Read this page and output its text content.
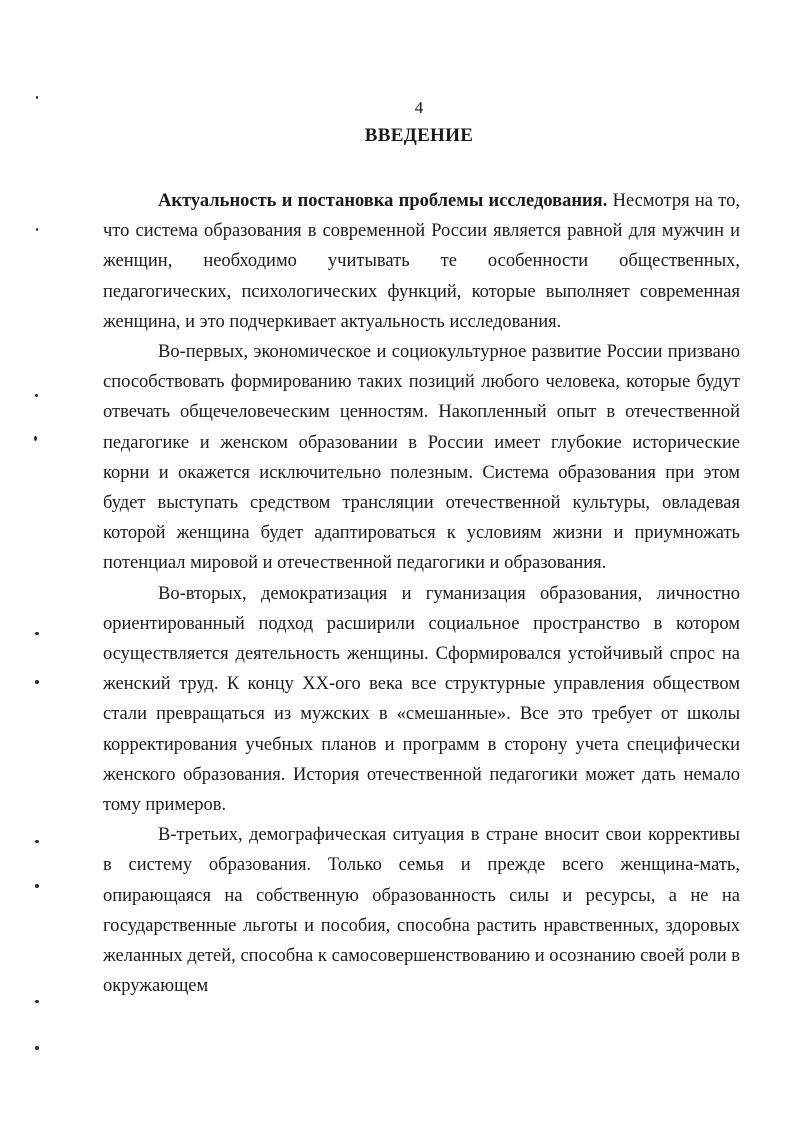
4
ВВЕДЕНИЕ

Актуальность и постановка проблемы исследования. Несмотря на то, что система образования в современной России является равной для мужчин и женщин, необходимо учитывать те особенности общественных, педагогических, психологических функций, которые выполняет современная женщина, и это подчеркивает актуальность исследования.

Во-первых, экономическое и социокультурное развитие России призвано способствовать формированию таких позиций любого человека, которые будут отвечать общечеловеческим ценностям. Накопленный опыт в отечественной педагогике и женском образовании в России имеет глубокие исторические корни и окажется исключительно полезным. Система образования при этом будет выступать средством трансляции отечественной культуры, овладевая которой женщина будет адаптироваться к условиям жизни и приумножать потенциал мировой и отечественной педагогики и образования.

Во-вторых, демократизация и гуманизация образования, личностно ориентированный подход расширили социальное пространство в котором осуществляется деятельность женщины. Сформировался устойчивый спрос на женский труд. К концу ХХ-ого века все структурные управления обществом стали превращаться из мужских в «смешанные». Все это требует от школы корректирования учебных планов и программ в сторону учета специфически женского образования. История отечественной педагогики может дать немало тому примеров.

В-третьих, демографическая ситуация в стране вносит свои коррективы в систему образования. Только семья и прежде всего женщина-мать, опирающаяся на собственную образованность силы и ресурсы, а не на государственные льготы и пособия, способна растить нравственных, здоровых желанных детей, способна к самосовершенствованию и осознанию своей роли в окружающем
